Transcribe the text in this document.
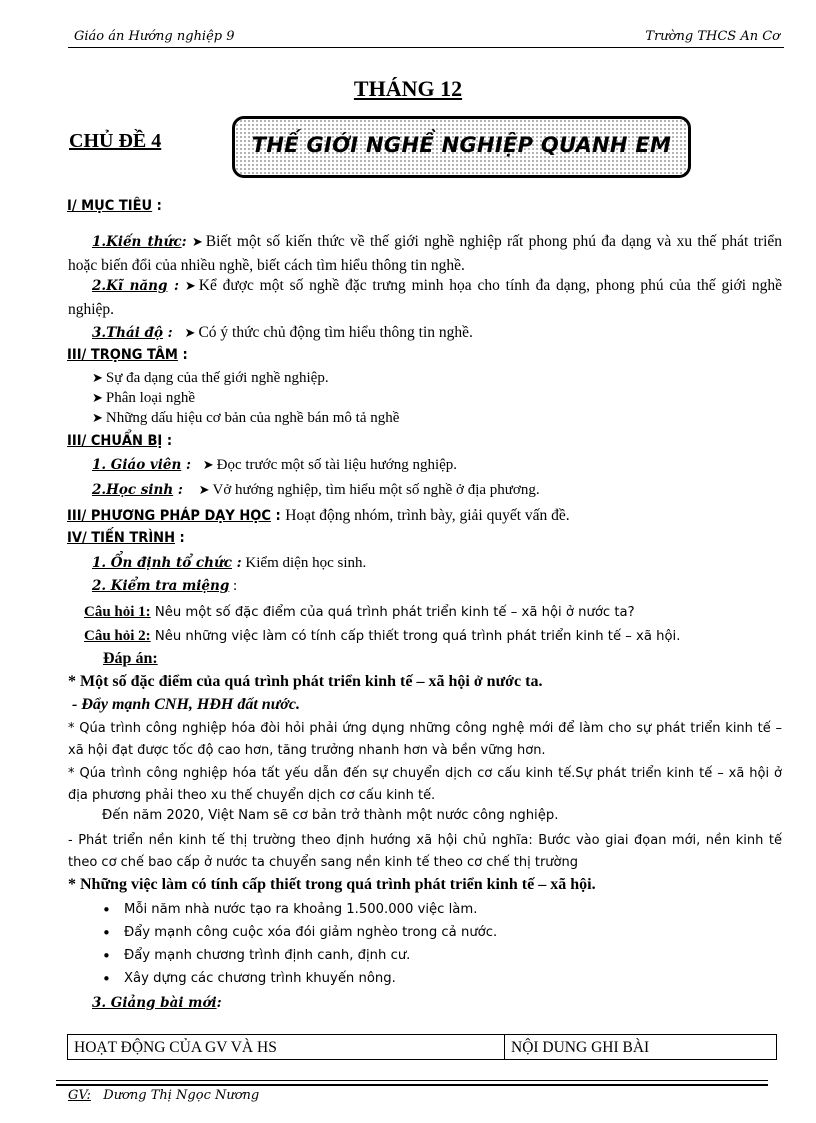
Giáo án Hướng nghiệp 9	Trường THCS An Cơ
THÁNG 12
CHỦ ĐỀ 4	THẾ GIỚI NGHỀ NGHIỆP QUANH EM
I/ MỤC TIÊU :
1.Kiến thức: ➤ Biết một số kiến thức về thế giới nghề nghiệp rất phong phú đa dạng và xu thế phát triển hoặc biến đổi của nhiều nghề, biết cách tìm hiểu thông tin nghề.
2.Kĩ năng : ➤ Kể được một số nghề đặc trưng minh họa cho tính đa dạng, phong phú của thế giới nghề nghiệp.
3.Thái độ : ➤ Có ý thức chủ động tìm hiểu thông tin nghề.
III/ TRỌNG TÂM :
➤ Sự đa dạng của thế giới nghề nghiệp.
➤ Phân loại nghề
➤ Những dấu hiệu cơ bản của nghề bán mô tả nghề
III/ CHUẨN BỊ :
1. Giáo viên : ➤ Đọc trước một số tài liệu hướng nghiệp.
2.Học sinh : ➤ Vở hướng nghiệp, tìm hiểu một số nghề ở địa phương.
III/ PHƯƠNG PHÁP DẠY HỌC : Hoạt động nhóm, trình bày, giải quyết vấn đề.
IV/ TIẾN TRÌNH :
1. Ổn định tổ chức : Kiểm diện học sinh.
2. Kiểm tra miệng :
Câu hỏi 1: Nêu một số đặc điểm của quá trình phát triển kinh tế – xã hội ở nước ta?
Câu hỏi 2: Nêu những việc làm có tính cấp thiết trong quá trình phát triển kinh tế – xã hội.
Đáp án:
* Một số đặc điểm của quá trình phát triển kinh tế – xã hội ở nước ta.
- Đẩy mạnh CNH, HĐH đất nước.
* Qúa trình công nghiệp hóa đòi hỏi phải ứng dụng những công nghệ mới để làm cho sự phát triển kinh tế – xã hội đạt được tốc độ cao hơn, tăng trưởng nhanh hơn và bền vững hơn.
* Qúa trình công nghiệp hóa tất yếu dẫn đến sự chuyển dịch cơ cấu kinh tế.Sự phát triển kinh tế – xã hội ở địa phương phải theo xu thế chuyển dịch cơ cấu kinh tế.
Đến năm 2020, Việt Nam sẽ cơ bản trở thành một nước công nghiệp.
- Phát triển nền kinh tế thị trường theo định hướng xã hội chủ nghĩa: Bước vào giai đọan mới, nền kinh tế theo cơ chế bao cấp ở nước ta chuyển sang nền kinh tế theo cơ chế thị trường
* Những việc làm có tính cấp thiết trong quá trình phát triển kinh tế – xã hội.
• Mỗi năm nhà nước tạo ra khoảng 1.500.000 việc làm.
• Đẩy mạnh công cuộc xóa đói giảm nghèo trong cả nước.
• Đẩy mạnh chương trình định canh, định cư.
• Xây dựng các chương trình khuyến nông.
3. Giảng bài mới:
HOẠT ĐỘNG CỦA GV VÀ HS	NỘI DUNG GHI BÀI
GV: Dương Thị Ngọc Nương
